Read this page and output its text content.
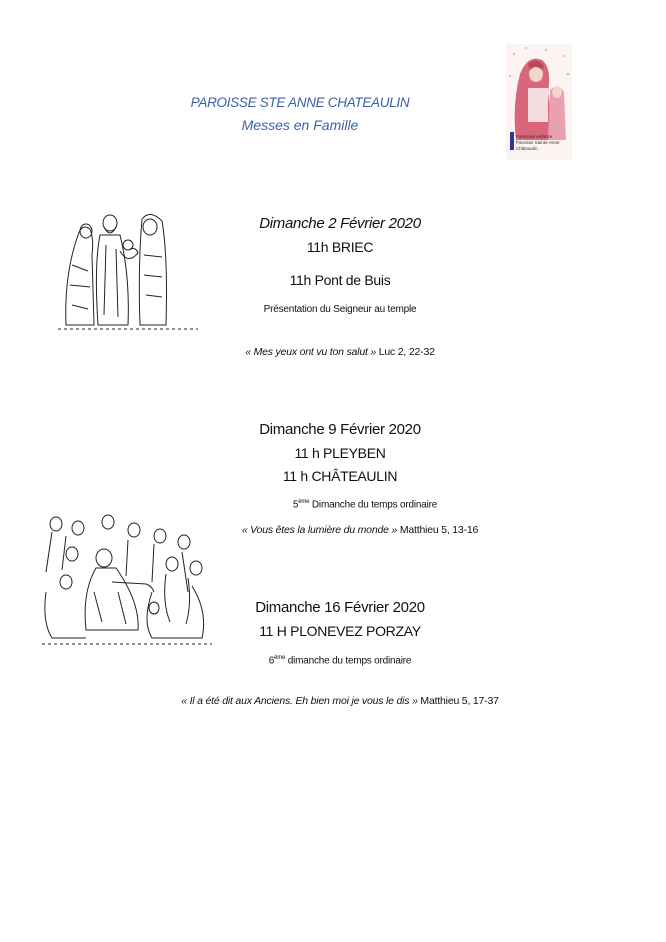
PAROISSE STE ANNE CHATEAULIN
Messes en Famille
Pastorale enfance
Paroisse Sainte-Anne
Châteaulin
Dimanche 2 Février 2020
11h BRIEC
11h Pont de Buis
Présentation du Seigneur au temple
« Mes yeux ont vu ton salut » Luc 2, 22-32
Dimanche 9 Février 2020
11 h PLEYBEN
11 h CHÂTEAULIN
5ème Dimanche du temps ordinaire
« Vous êtes la lumière du monde » Matthieu 5, 13-16
Dimanche 16 Février 2020
11 H PLONEVEZ PORZAY
6ème dimanche du temps ordinaire
« Il a été dit aux Anciens. Eh bien moi je vous le dis » Matthieu 5, 17-37
